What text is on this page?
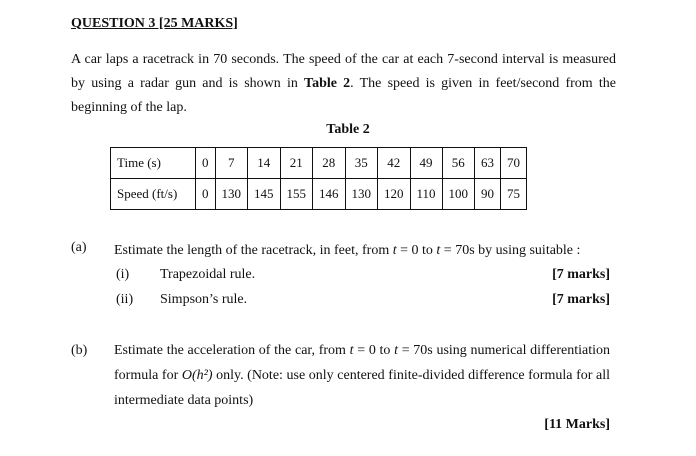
QUESTION 3 [25 MARKS]
A car laps a racetrack in 70 seconds. The speed of the car at each 7-second interval is measured by using a radar gun and is shown in Table 2. The speed is given in feet/second from the beginning of the lap.
Table 2
Time (s)	0	7	14	21	28	35	42	49	56	63	70
Speed (ft/s)	0	130	145	155	146	130	120	110	100	90	75
(a) Estimate the length of the racetrack, in feet, from t = 0 to t = 70s by using suitable :
(i) Trapezoidal rule.	[7 marks]
(ii) Simpson’s rule.	[7 marks]
(b) Estimate the acceleration of the car, from t = 0 to t = 70s using numerical differentiation formula for O(h²) only. (Note: use only centered finite-divided difference formula for all intermediate data points)
[11 Marks]
